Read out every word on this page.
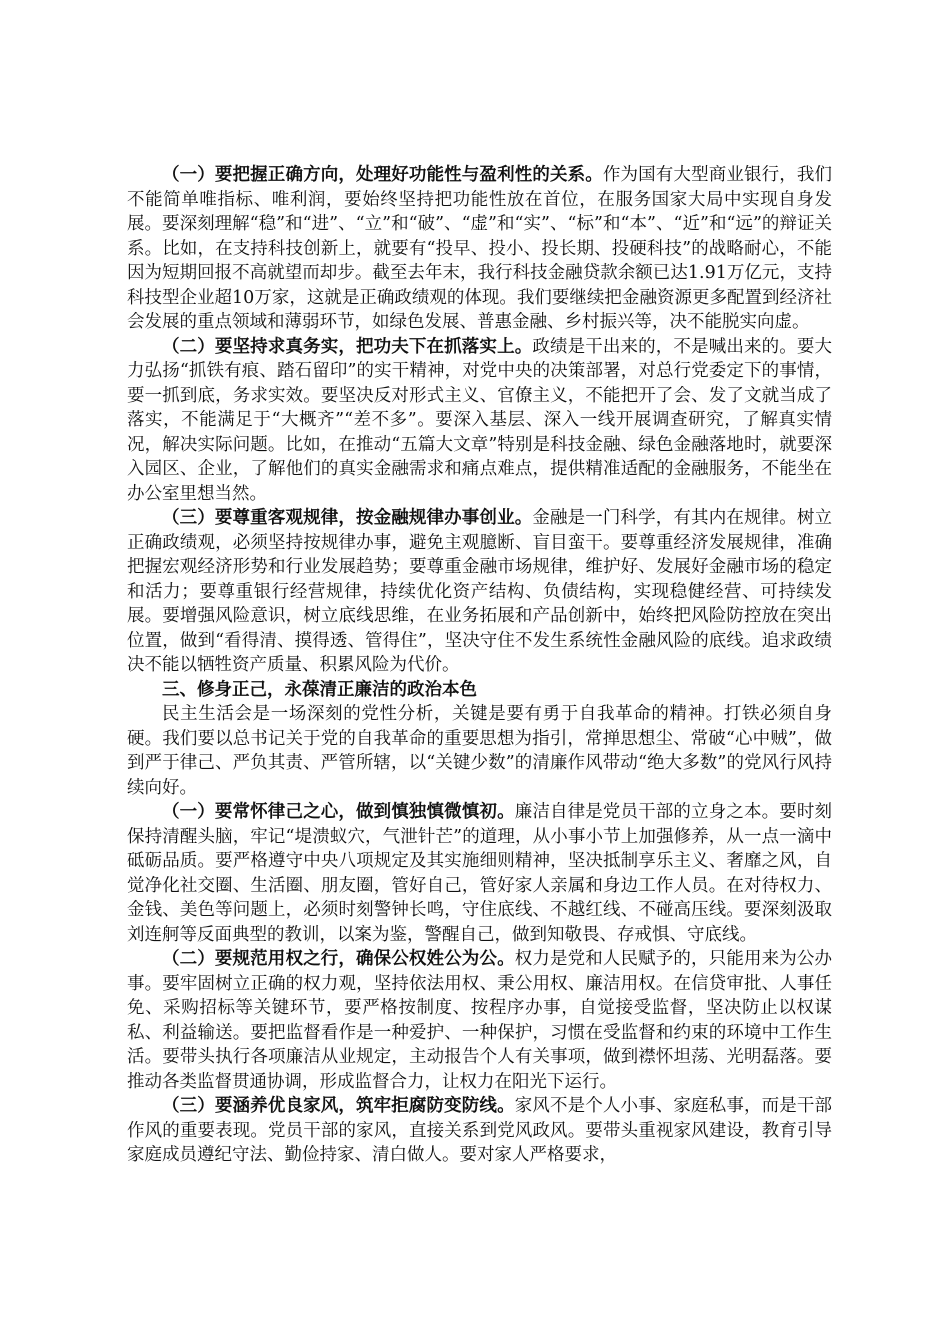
（一）要把握正确方向，处理好功能性与盈利性的关系。作为国有大型商业银行，我们不能简单唯指标、唯利润，要始终坚持把功能性放在首位，在服务国家大局中实现自身发展。要深刻理解“稳”和“进”、“立”和“破”、“虚”和“实”、“标”和“本”、“近”和“远”的辩证关系。比如，在支持科技创新上，就要有“投早、投小、投长期、投硬科技”的战略耐心，不能因为短期回报不高就望而却步。截至去年末，我行科技金融贷款余额已达1.91万亿元，支持科技型企业超10万家，这就是正确政绩观的体现。我们要继续把金融资源更多配置到经济社会发展的重点领域和薄弱环节，如绿色发展、普惠金融、乡村振兴等，决不能脱实向虚。

（二）要坚持求真务实，把功夫下在抓落实上。政绩是干出来的，不是喊出来的。要大力弘扬“抓铁有痕、踏石留印”的实干精神，对党中央的决策部署，对总行党委定下的事情，要一抓到底，务求实效。要坚决反对形式主义、官僚主义，不能把开了会、发了文就当成了落实，不能满足于“大概齐”“差不多”。要深入基层、深入一线开展调查研究，了解真实情况，解决实际问题。比如，在推动“五篇大文章”特别是科技金融、绿色金融落地时，就要深入园区、企业，了解他们的真实金融需求和痛点难点，提供精准适配的金融服务，不能坐在办公室里想当然。

（三）要尊重客观规律，按金融规律办事创业。金融是一门科学，有其内在规律。树立正确政绩观，必须坚持按规律办事，避免主观臆断、盲目蛮干。要尊重经济发展规律，准确把握宏观经济形势和行业发展趋势；要尊重金融市场规律，维护好、发展好金融市场的稳定和活力；要尊重银行经营规律，持续优化资产结构、负债结构，实现稳健经营、可持续发展。要增强风险意识，树立底线思维，在业务拓展和产品创新中，始终把风险防控放在突出位置，做到“看得清、摸得透、管得住”，坚决守住不发生系统性金融风险的底线。追求政绩决不能以牺牲资产质量、积累风险为代价。

三、修身正己，永葆清正廉洁的政治本色

民主生活会是一场深刻的党性分析，关键是要有勇于自我革命的精神。打铁必须自身硬。我们要以总书记关于党的自我革命的重要思想为指引，常掸思想尘、常破“心中贼”，做到严于律己、严负其责、严管所辖，以“关键少数”的清廉作风带动“绝大多数”的党风行风持续向好。

（一）要常怀律己之心，做到慎独慎微慎初。廉洁自律是党员干部的立身之本。要时刻保持清醒头脑，牢记“堤溃蚁穴，气泄针芒”的道理，从小事小节上加强修养，从一点一滴中砥砺品质。要严格遵守中央八项规定及其实施细则精神，坚决抵制享乐主义、奢靡之风，自觉净化社交圈、生活圈、朋友圈，管好自己，管好家人亲属和身边工作人员。在对待权力、金钱、美色等问题上，必须时刻警钟长鸣，守住底线、不越红线、不碰高压线。要深刻汲取刘连舸等反面典型的教训，以案为鉴，警醒自己，做到知敬畏、存戒惧、守底线。

（二）要规范用权之行，确保公权姓公为公。权力是党和人民赋予的，只能用来为公办事。要牢固树立正确的权力观，坚持依法用权、秉公用权、廉洁用权。在信贷审批、人事任免、采购招标等关键环节，要严格按制度、按程序办事，自觉接受监督，坚决防止以权谋私、利益输送。要把监督看作是一种爱护、一种保护，习惯在受监督和约束的环境中工作生活。要带头执行各项廉洁从业规定，主动报告个人有关事项，做到襟怀坦荡、光明磊落。要推动各类监督贯通协调，形成监督合力，让权力在阳光下运行。

（三）要涵养优良家风，筑牢拒腐防变防线。家风不是个人小事、家庭私事，而是干部作风的重要表现。党员干部的家风，直接关系到党风政风。要带头重视家风建设，教育引导家庭成员遵纪守法、勤俭持家、清白做人。要对家人严格要求，
